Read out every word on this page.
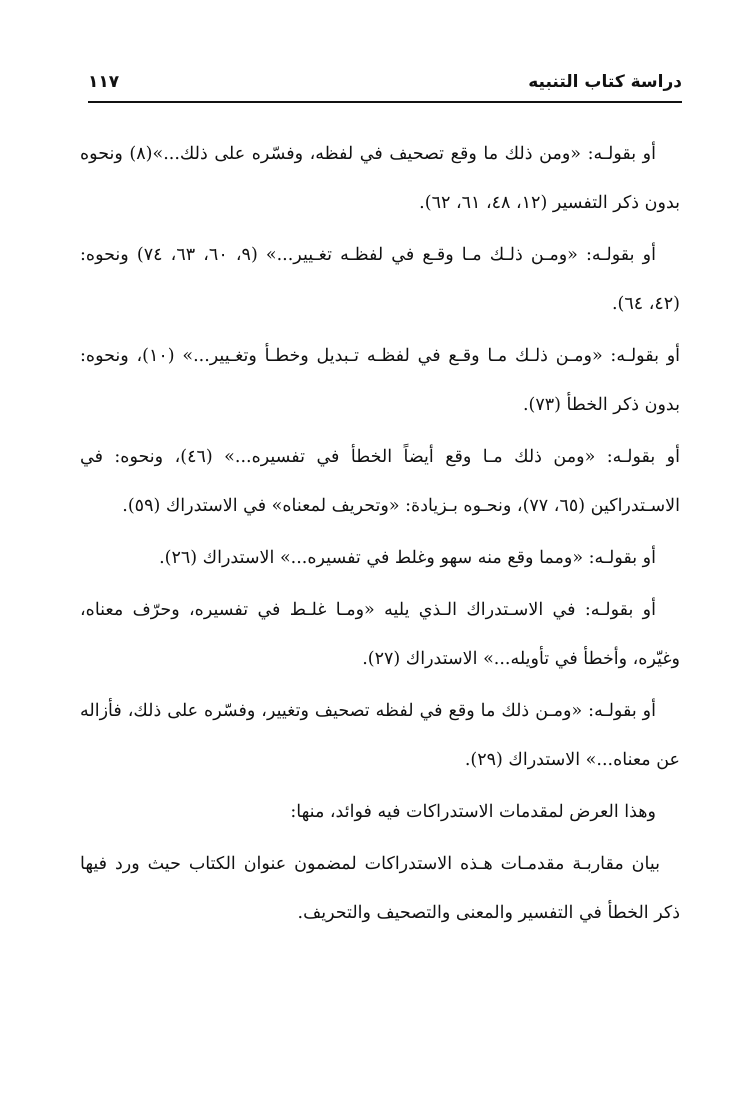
دراسة كتاب التنبيه
١١٧

أو بقولـه: «ومن ذلك ما وقع تصحيف في لفظه، وفسّره على ذلك...»(٨) ونحوه بدون ذكر التفسير (١٢، ٤٨، ٦١، ٦٢).

أو بقولـه: «ومـن ذلـك مـا وقـع في لفظـه تغـيير...» (٩، ٦٠، ٦٣، ٧٤) ونحوه: (٤٢، ٦٤).

أو بقولـه: «ومـن ذلـك مـا وقـع في لفظـه تـبديل وخطـأ وتغـيير...» (١٠)، ونحوه: بدون ذكر الخطأ (٧٣).

أو بقولـه: «ومن ذلك مـا وقع أيضاً الخطأ في تفسيره...» (٤٦)، ونحوه: في الاسـتدراكين (٦٥، ٧٧)، ونحـوه بـزيادة: «وتحريف لمعناه» في الاستدراك (٥٩).

أو بقولـه: «ومما وقع منه سهو وغلط في تفسيره...» الاستدراك (٢٦).

أو بقولـه: في الاسـتدراك الـذي يليه «ومـا غلـط في تفسيره، وحرّف معناه، وغيّره، وأخطأ في تأويله...» الاستدراك (٢٧).

أو بقولـه: «ومـن ذلك ما وقع في لفظه تصحيف وتغيير، وفسّره على ذلك، فأزاله عن معناه...» الاستدراك (٢٩).

وهذا العرض لمقدمات الاستدراكات فيه فوائد، منها:

بيان مقاربـة مقدمـات هـذه الاستدراكات لمضمون عنوان الكتاب حيث ورد فيها ذكر الخطأ في التفسير والمعنى والتصحيف والتحريف.
